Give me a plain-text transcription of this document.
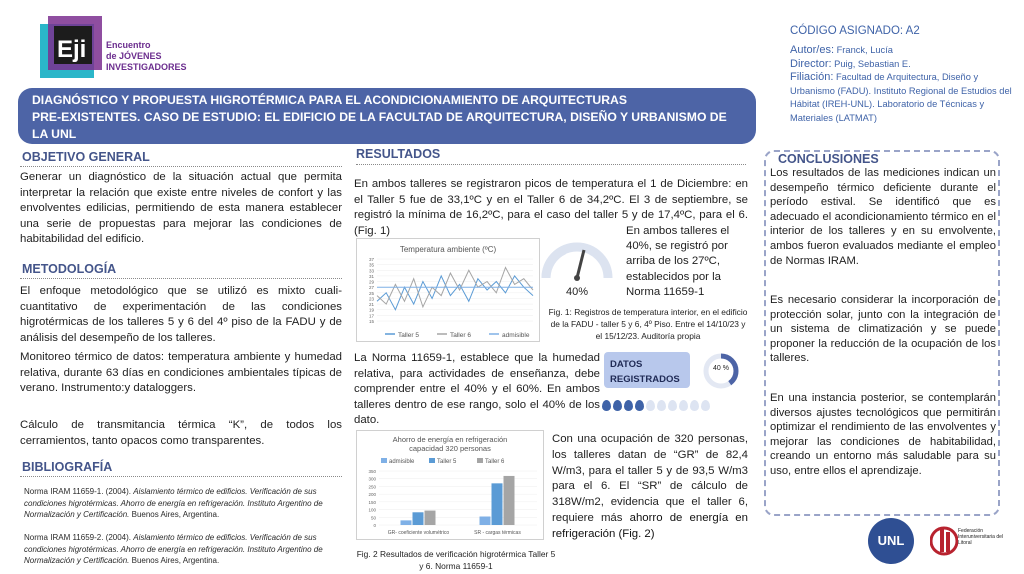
Eji Encuentro
de JÓVENES
INVESTIGADORES
DIAGNÓSTICO Y PROPUESTA HIGROTÉRMICA PARA EL ACONDICIONAMIENTO DE ARQUITECTURAS
PRE-EXISTENTES. CASO DE ESTUDIO: EL EDIFICIO DE LA FACULTAD DE ARQUITECTURA, DISEÑO Y URBANISMO DE
LA UNL
CÓDIGO ASIGNADO: A2
Autor/es: Franck, Lucía
Director: Puig, Sebastian E.
Filiación: Facultad de Arquitectura, Diseño y Urbanismo (FADU). Instituto Regional de Estudios del Hábitat (IREH-UNL). Laboratorio de Técnicas y Materiales (LATMAT)
OBJETIVO GENERAL
Generar un diagnóstico de la situación actual que permita interpretar la relación que existe entre niveles de confort y las envolventes edilicias, permitiendo de esta manera establecer una serie de propuestas para mejorar las condiciones de habitabilidad del edificio.
METODOLOGÍA
El enfoque metodológico que se utilizó es mixto cuali-cuantitativo de experimentación de las condiciones higrotérmicas de los talleres 5 y 6 del 4º piso de la FADU y de análisis del desempeño de los talleres.
Monitoreo térmico de datos: temperatura ambiente y humedad relativa, durante 63 días en condiciones ambientales típicas de verano. Instrumento:y dataloggers.
Cálculo de transmitancia térmica “K”, de todos los cerramientos, tanto opacos como transparentes.
BIBLIOGRAFÍA
Norma IRAM 11659-1. (2004). Aislamiento térmico de edificios. Verificación de sus condiciones higrotérmicas. Ahorro de energía en refrigeración. Instituto Argentino de Normalización y Certificación. Buenos Aires, Argentina.
Norma IRAM 11659-2. (2004). Aislamiento térmico de edificios. Verificación de sus condiciones higrotérmicas. Ahorro de energía en refrigeración. Instituto Argentino de Normalización y Certificación. Buenos Aires, Argentina.
RESULTADOS
En ambos talleres se registraron picos de temperatura el 1 de Diciembre: en el Taller 5 fue de 33,1ºC y en el Taller 6 de 34,2ºC. El 3 de septiembre, se registró la mínima de 16,2ºC, para el caso del taller 5 y de 17,4ºC, para el 6. (Fig. 1)
Temperatura ambiente (ºC)
15
17
19
21
23
25
27
29
31
33
35
37
Taller 5	Taller 6	admisible
40%
En ambos talleres el 40%, se registró por arriba de los 27ºC, establecidos por la Norma 11659-1
Fig. 1: Registros de temperatura interior, en el edificio de la FADU - taller 5 y 6, 4º Piso. Entre el 14/10/23 y el 15/12/23. Auditoría propia
La Norma 11659-1, establece que la humedad relativa, para actividades de enseñanza, debe comprender entre el 40% y el 60%. En ambos talleres dentro de ese rango, solo el 40% de los dato.
DATOS
REGISTRADOS
40 %
Ahorro de energía en refrigeración
capacidad 320 personas
admisible	Taller 5	Taller 6
0
50
100
150
200
250
300
350
GR- coeficiente volumétrico	SR - cargas térmicas
Fig. 2 Resultados de verificación higrotérmica Taller 5 y 6. Norma 11659-1
Con una ocupación de 320 personas, los talleres datan de “GR” de 82,4 W/m3, para el taller 5 y de 93,5 W/m3 para el 6. El “SR” de cálculo de 318W/m2, evidencia que el taller 6, requiere más ahorro de energía en refrigeración (Fig. 2)
CONCLUSIONES
Los resultados de las mediciones indican un desempeño térmico deficiente durante el período estival. Se identificó que es adecuado el acondicionamiento térmico en el interior de los talleres y en su envolvente, ambos fueron evaluados mediante el empleo de Normas IRAM.
Es necesario considerar la incorporación de protección solar, junto con la integración de un sistema de climatización y se puede proponer la reducción de la ocupación de los talleres.
En una instancia posterior, se contemplarán diversos ajustes tecnológicos que permitirán optimizar el rendimiento de las envolventes y mejorar las condiciones de habitabilidad, creando un entorno más saludable para su uso, entre ellos el aprendizaje.
UNL
Federación Interuniversitaria del Litoral
